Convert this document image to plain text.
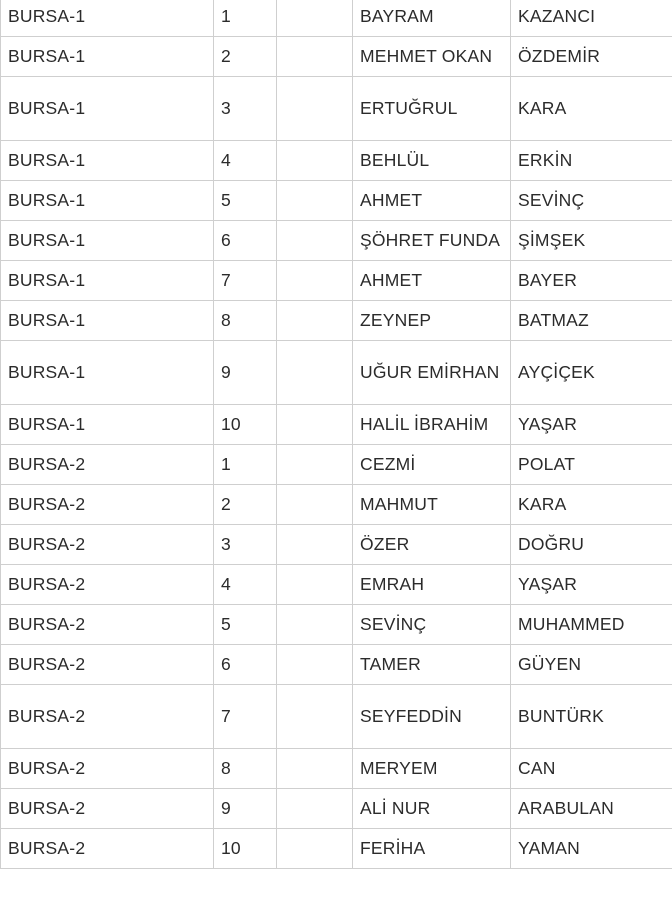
BURSA-1	1		BAYRAM	KAZANCI
BURSA-1	2		MEHMET OKAN	ÖZDEMİR
BURSA-1	3		ERTUĞRUL	KARA
BURSA-1	4		BEHLÜL	ERKİN
BURSA-1	5		AHMET	SEVİNÇ
BURSA-1	6		ŞÖHRET FUNDA	ŞİMŞEK
BURSA-1	7		AHMET	BAYER
BURSA-1	8		ZEYNEP	BATMAZ
BURSA-1	9		UĞUR EMİRHAN	AYÇİÇEK
BURSA-1	10		HALİL İBRAHİM	YAŞAR
BURSA-2	1		CEZMİ	POLAT
BURSA-2	2		MAHMUT	KARA
BURSA-2	3		ÖZER	DOĞRU
BURSA-2	4		EMRAH	YAŞAR
BURSA-2	5		SEVİNÇ	MUHAMMED
BURSA-2	6		TAMER	GÜYEN
BURSA-2	7		SEYFEDDİN	BUNTÜRK
BURSA-2	8		MERYEM	CAN
BURSA-2	9		ALİ NUR	ARABULAN
BURSA-2	10		FERİHA	YAMAN
